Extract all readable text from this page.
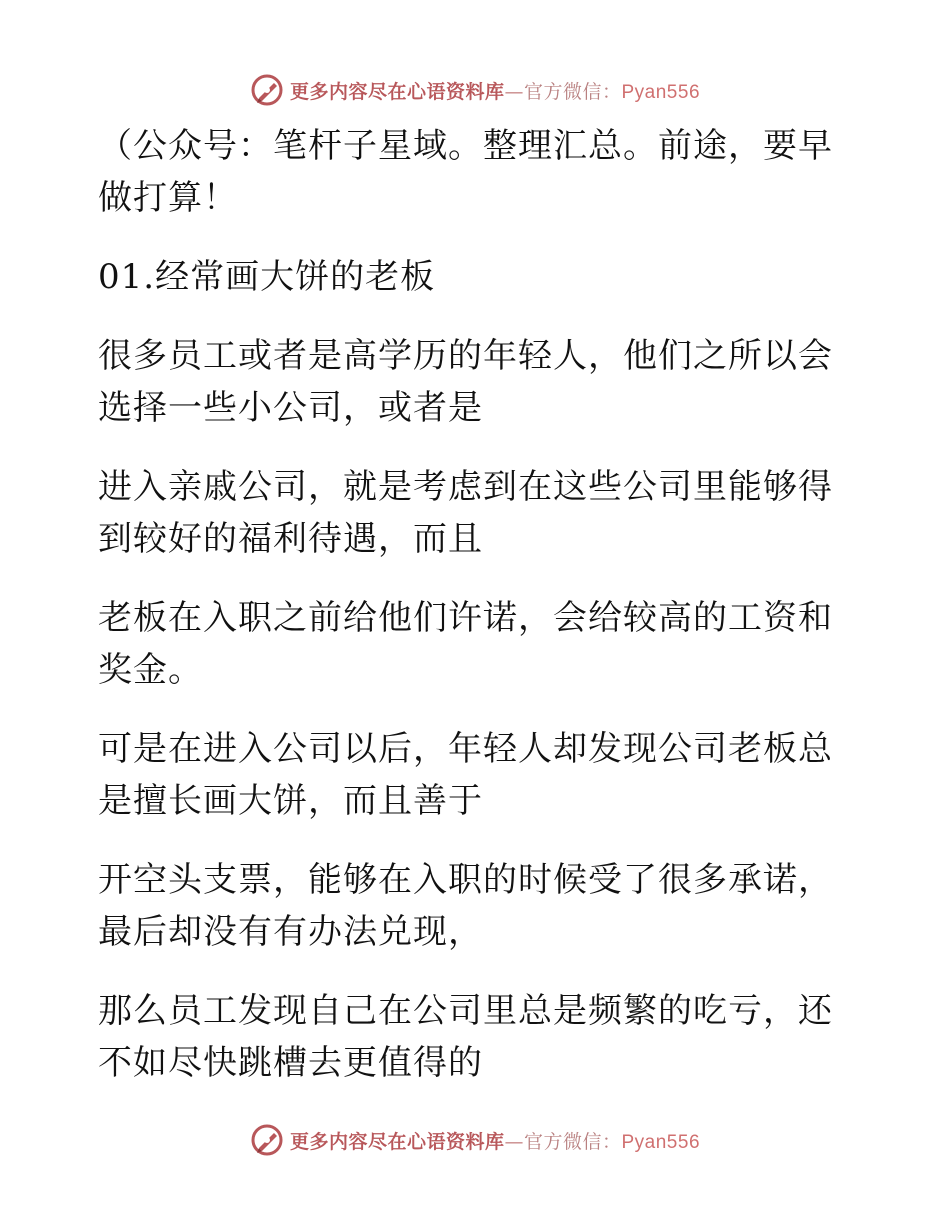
更多内容尽在心语资料库—官方微信：Pyan556

（公众号：笔杆子星域。整理汇总。前途，要早做打算！

01.经常画大饼的老板

很多员工或者是高学历的年轻人，他们之所以会选择一些小公司，或者是

进入亲戚公司，就是考虑到在这些公司里能够得到较好的福利待遇，而且

老板在入职之前给他们许诺，会给较高的工资和奖金。

可是在进入公司以后，年轻人却发现公司老板总是擅长画大饼，而且善于

开空头支票，能够在入职的时候受了很多承诺，最后却没有有办法兑现，

那么员工发现自己在公司里总是频繁的吃亏，还不如尽快跳槽去更值得的

更多内容尽在心语资料库—官方微信：Pyan556
